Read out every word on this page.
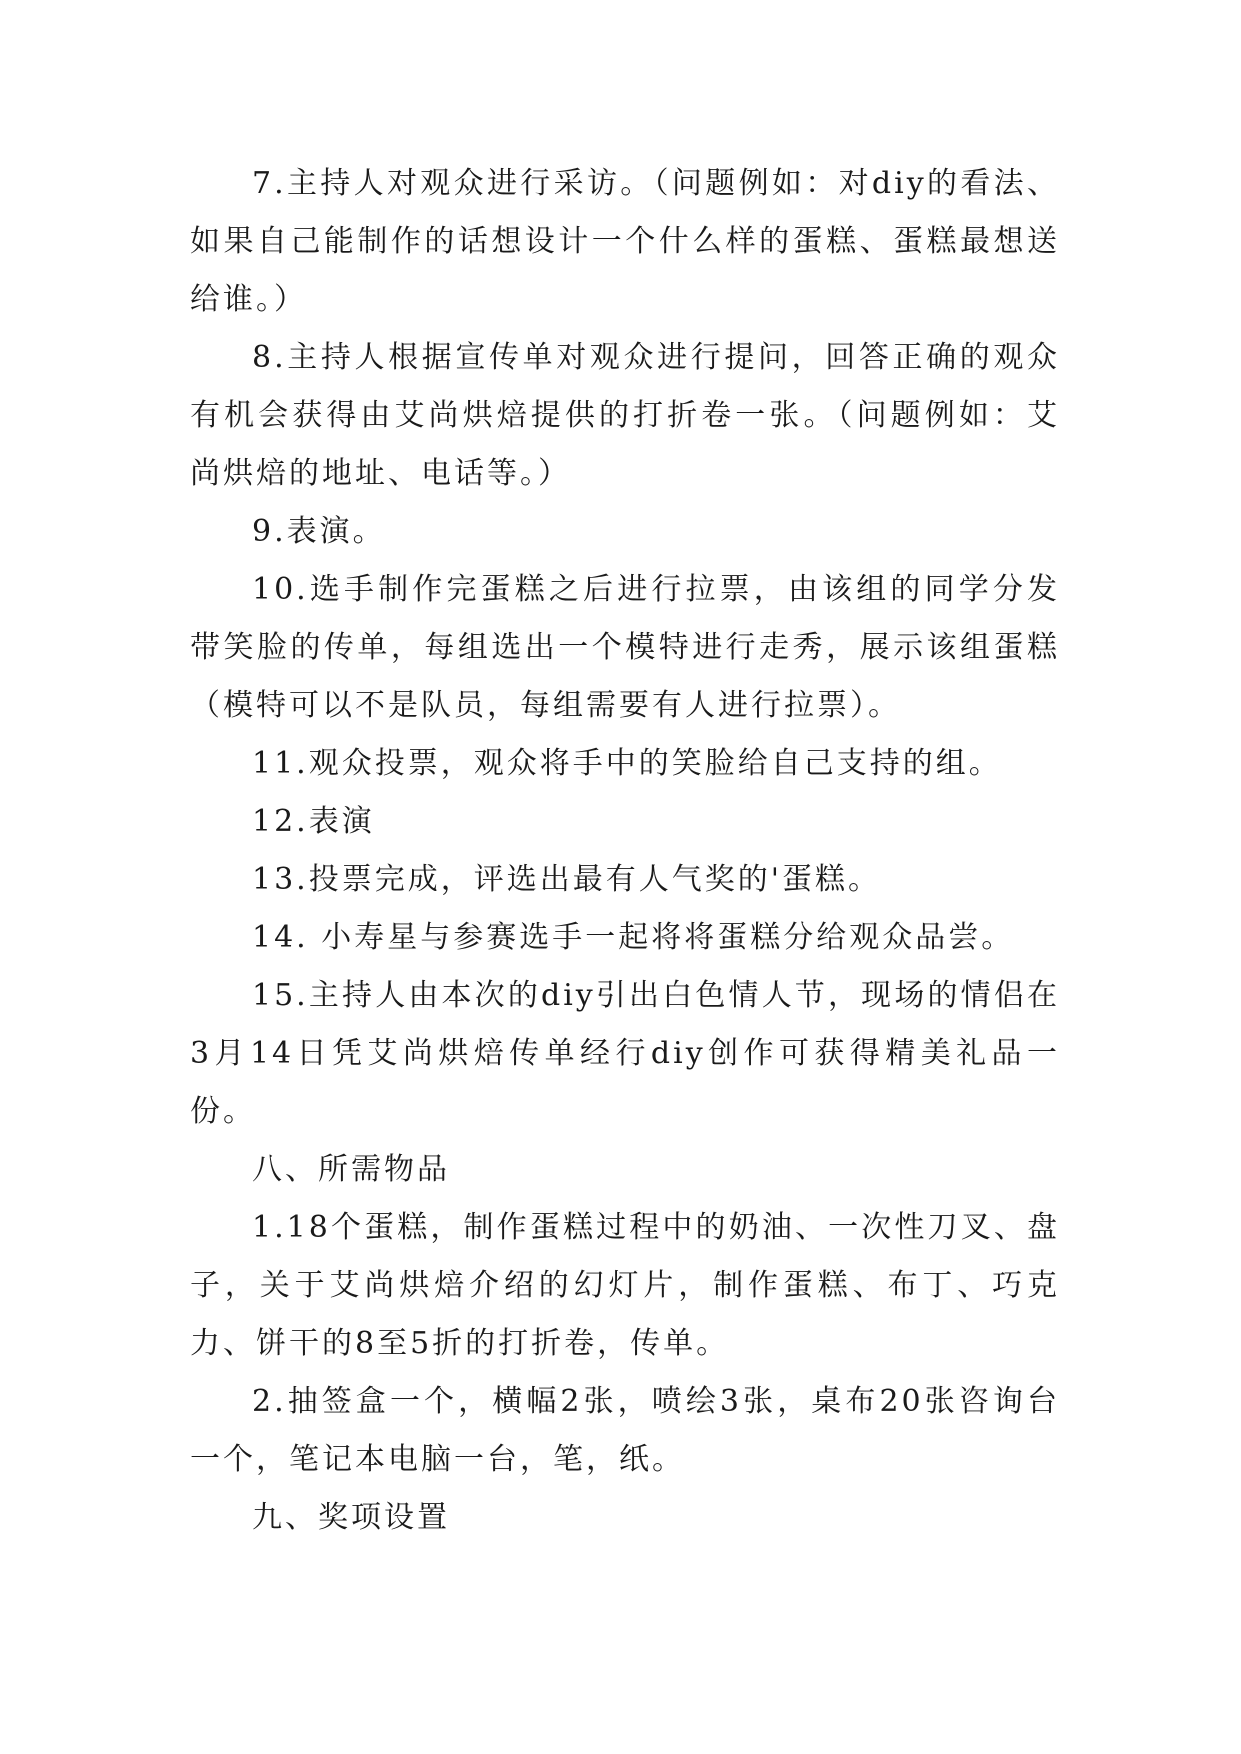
7.主持人对观众进行采访。（问题例如：对diy的看法、如果自己能制作的话想设计一个什么样的蛋糕、蛋糕最想送给谁。）

8.主持人根据宣传单对观众进行提问，回答正确的观众有机会获得由艾尚烘焙提供的打折卷一张。（问题例如：艾尚烘焙的地址、电话等。）

9.表演。

10.选手制作完蛋糕之后进行拉票，由该组的同学分发带笑脸的传单，每组选出一个模特进行走秀，展示该组蛋糕（模特可以不是队员，每组需要有人进行拉票）。

11.观众投票，观众将手中的笑脸给自己支持的组。

12.表演

13.投票完成，评选出最有人气奖的'蛋糕。

14. 小寿星与参赛选手一起将将蛋糕分给观众品尝。

15.主持人由本次的diy引出白色情人节，现场的情侣在3月14日凭艾尚烘焙传单经行diy创作可获得精美礼品一份。

八、所需物品

1.18个蛋糕，制作蛋糕过程中的奶油、一次性刀叉、盘子，关于艾尚烘焙介绍的幻灯片，制作蛋糕、布丁、巧克力、饼干的8至5折的打折卷，传单。

2.抽签盒一个，横幅2张，喷绘3张，桌布20张咨询台一个，笔记本电脑一台，笔，纸。

九、奖项设置
